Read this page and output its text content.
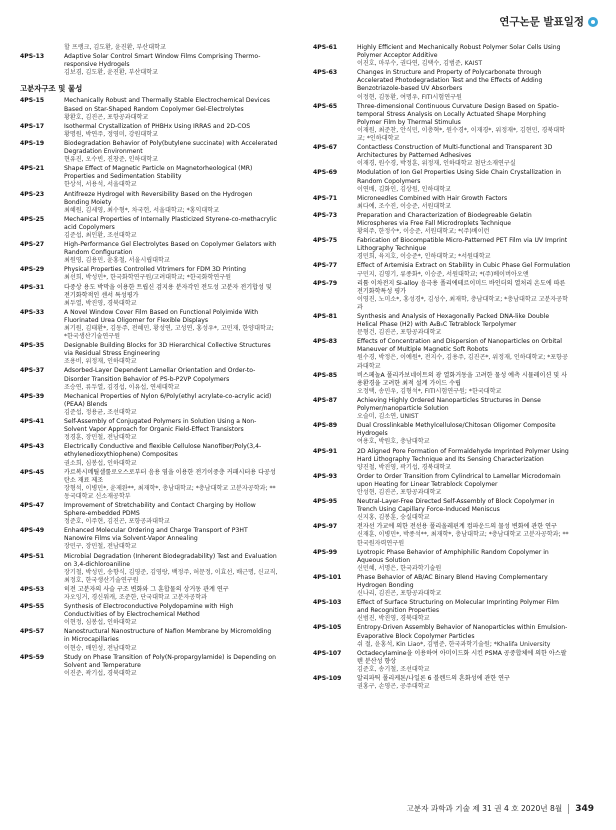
연구논문 발표일정
할 프랭크, 김도환, 윤진환, 부산대학교
4PS-13	Adaptive Solar Control Smart Window Films Comprising Thermo-responsive Hydrogels
김보겸, 김도환, 윤진환, 부산대학교
고분자구조 및 물성
4PS-15	Mechanically Robust and Thermally Stable Electrochemical Devices Based on Star-Shaped Random Copolymer Gel-Electrolytes
황환호, 김진곤, 포항공과대학교
4PS-17	Isothermal Crystallization of PHBHx Using IRRAS and 2D-COS
황명원, 박연주, 정영미, 강원대학교
4PS-19	Biodegradation Behavior of Poly(butylene succinate) with Accelerated Degradation Environment
현유진, 오수빈, 진창준, 인하대학교
4PS-21	Shape Effect of Magnetic Particle on Magnetorheological (MR) Properties and Sedimentation Stability
한상석, 서용석, 서울대학교
4PS-23	Antifreeze Hydrogel with Reversibility Based on the Hydrogen Bonding Moiety
최혜원, 김세영, 최수형*, 차국헌, 서울대학교; *홍익대학교
4PS-25	Mechanical Properties of Internally Plasticized Styrene-co-methacrylic acid Copolymers
김준섭, 최인환, 조선대학교
4PS-27	High-Performance Gel Electrolytes Based on Copolymer Gelators with Random Configuration
최원영, 김용민, 윤홍철, 서울시립대학교
4PS-29	Physical Properties Controlled Vitrimers for FDM 3D Printing
최선희, 박성민*, 한국화학연구원/고려대학교; *한국화학연구원
4PS-31	다중상 용도 박막을 이용한 트립신 검지용 분자각인 전도성 고분자 전기합성 및 전기화학적인 센서 특성평가
최두열, 박진영, 경북대학교
4PS-33	A Novel Window Cover Film Based on Functional Polyimide With Fluorinated Urea Oligomer for Flexible Displays
최기원, 김태환*, 김동주, 전혜민, 황성연, 고성연, 홍성우*, 고민재, 한양대학교; *한국생산기술연구원
4PS-35	Designable Building Blocks for 3D Hierarchical Collective Structures via Residual Stress Engineering
조용비, 위정재, 인하대학교
4PS-37	Adsorbed-Layer Dependent Lamellar Orientation and Order-to-Disorder Transition Behavior of PS-b-P2VP Copolymers
조승연, 류두열, 김경섭, 이유섭, 연세대학교
4PS-39	Mechanical Properties of Nylon 6/Poly(ethyl acrylate-co-acrylic acid) (PEAA) Blends
김준섭, 정용균, 조선대학교
4PS-41	Self-Assembly of Conjugated Polymers in Solution Using a Non-Solvent Vapor Approach for Organic Field-Effect Transistors
정경훈, 장민철, 전남대학교
4PS-43	Electrically Conductive and flexible Cellulose Nanofiber/Poly(3,4-ethylenedioxythiophene) Composites
권소희, 심봉섭, 인하대학교
4PS-45	카르복시메틸셀룰로오스로부터 음용 염을 이용한 전기이중층 커패시터용 다공성 탄소 재료 제조
장형석, 이병민*, 윤제완**, 최재학*, 충남대학교; *충남대학교 고분자공학과; **동국대학교 신소재공학부
4PS-47	Improvement of Stretchability and Contact Charging by Hollow Sphere-embedded PDMS
정준호, 이주현, 김진곤, 포항공과대학교
4PS-49	Enhanced Molecular Ordering and Charge Transport of P3HT Nanowire Films via Solvent-Vapor Annealing
장민구, 장민철, 전남대학교
4PS-51	Microbial Degradation (Inherent Biodegradability) Test and Evaluation on 3,4-dichloroaniline
장기철, 박성민, 송향식, 김영준, 김영랑, 백정주, 허문정, 이효선, 배근명, 신교직, 최정호, 한국생산기술연구원
4PS-53	히전 고분자의 사슬 구조 변화와 그 훈합물의 상거동 관계 연구
자오잉거, 경신워캐, 조준한, 단국대학교 고분자공학과
4PS-55	Synthesis of Electroconductive Polydopamine with High Conductivities of by Electrochemical Method
이현정, 심봉섭, 인하대학교
4PS-57	Nanostructural Nanostructure of Nafion Membrane by Micromolding in Microcapillaries
이현승, 배인성, 전남대학교
4PS-59	Study on Phase Transition of Poly(N-propargylamide) is Depending on Solvent and Temperature
이진준, 곽기섭, 경북대학교
4PS-61	Highly Efficient and Mechanically Robust Polymer Solar Cells Using Polymer Acceptor Additive
이진호, 마부수, 권다연, 김택수, 김범준, KAIST
4PS-63	Changes in Structure and Property of Polycarbonate through Accelerated Photodegradation Test and the Effects of Adding Benzotriazole-based UV Absorbers
이정현, 김동환, 여명우, FITI시험연구원
4PS-65	Three-dimensional Continuous Curvature Design Based on Spatio-temporal Stress Analysis on Locally Actuated Shape Morphing Polymer Film by Thermal Stimulus
이재원, 최준찬, 안식민, 이충혁*, 원수경*, 이재경*, 위정재*, 김현민, 경북대학교; *인하대학교
4PS-67	Contactless Construction of Multi-functional and Transparent 3D Architectures by Patterned Adhesives
이재경, 원수경, 박정훈, 위정재, 인하대학교 첨단소재연구실
4PS-69	Modulation of Ion Gel Properties Using Side Chain Crystallization in Random Copolymers
이연배, 김화인, 김상원, 인하대학교
4PS-71	Microneedles Combined with Hair Growth Factors
최다예, 조수진, 이승준, 서원대학교
4PS-73	Preparation and Characterization of Biodegreable Gelatin Microspheres via Free Fall Microdroplets Technique
황의주, 한정수*, 이승준, 서원대학교; *(주)베이런
4PS-75	Fabrication of Biocompatible Micro-Patterned PET Film via UV Imprint Lithography Technique
경민희, 육지호, 이승준*, 인하대학교; *서원대학교
4PS-77	Effect of Artemisia Extract on Stability in Cubic Phase Gel Formulation
구민지, 김영기, 류종화*, 이승준, 서원대학교; *(주)베이버아오앤
4PS-79	리튬 이차전지 Si-alloy 음극용 폴리에테르이미드 바인더의 열처리 온도에 따른 전기화학특성 평가
이영진, 노미소*, 홍성경*, 김성수, 최재학, 충남대학교; *충남대학교 고분자공학과
4PS-81	Synthesis and Analysis of Hexagonally Packed DNA-like Double Helical Phase (H2) with A₆B₅C Tetrablock Terpolymer
문형건, 김진곤, 포항공과대학교
4PS-83	Effects of Concentration and Dispersion of Nanoparticles on Orbital Maneuver of Multiple Magnetic Soft Robots
원수경, 박정은, 이예원*, 전지수, 김용주, 김진곤*, 위정재, 인하대학교; *포항공과대학교
4PS-85	비스페놀A 폴리카보네이트의 광 열화거동을 고려한 물성 예측 시뮬레이션 및 사용환경을 고려한 최적 설계 가이드 수립
오정택, 송민우, 김형석*, FITI시험연구원; *한국대학교
4PS-87	Achieving Highly Ordered Nanoparticles Structures in Dense Polymer/nanoparticle Solution
오슬미, 김소연, UNIST
4PS-89	Dual Crosslinkable Methylcellulose/Chitosan Oligomer Composite Hydrogels
여용호, 박원호, 충남대학교
4PS-91	2D Aligned Pore Formation of Formaldehyde Imprinted Polymer Using Hard Lithography Technique and Its Sensing Characterization
양진철, 박진영, 곽기섭, 경북대학교
4PS-93	Order to Order Transition from Cylindrical to Lamellar Microdomain upon Heating for Linear Tetrablock Copolymer
안성현, 김진곤, 포항공과대학교
4PS-95	Neutral-Layer-Free Directed Self-Assembly of Block Copolymer in Trench Using Capillary Force-Induced Meniscus
신지홍, 김봉훈, 숭실대학교
4PS-97	전자선 가교에 의한 전선용 폴리올레핀계 컴파운드의 물성 변화에 관한 연구
신재훈, 이병민*, 박종석**, 최재학*, 충남대학교; *충남대학교 고분자공학과; **한국원자력연구원
4PS-99	Lyotropic Phase Behavior of Amphiphilic Random Copolymer in Aqueous Solution
신민혜, 서명은, 한국과학기술원
4PS-101	Phase Behavior of AB/AC Binary Blend Having Complementary Hydrogen Bonding
신나리, 김진곤, 포항공과대학교
4PS-103	Effect of Surface Structuring on Molecular Imprinting Polymer Film and Recognition Properties
신범진, 박진영, 경북대학교
4PS-105	Entropy-Driven Assembly Behavior of Nanoparticles within Emulsion-Evaporative Block Copolymer Particles
쉬 절, 윤홍석, Kin Liao*, 김범준, 한국과학기술원; *Khalifa University
4PS-107	Octadecylamine을 이용하여 아미이드화 시킨 PSMA 공중합체에 의한 아스팔텐 분산성 향상
김준호, 송기철, 조선대학교
4PS-109	알리파틱 폴리케톤/나일론 6 블렌드의 혼화성에 관한 연구
권홍구, 손영곤, 공주대학교
고분자 과학과 기술 제 31 권 4 호 2020년 8월	349
